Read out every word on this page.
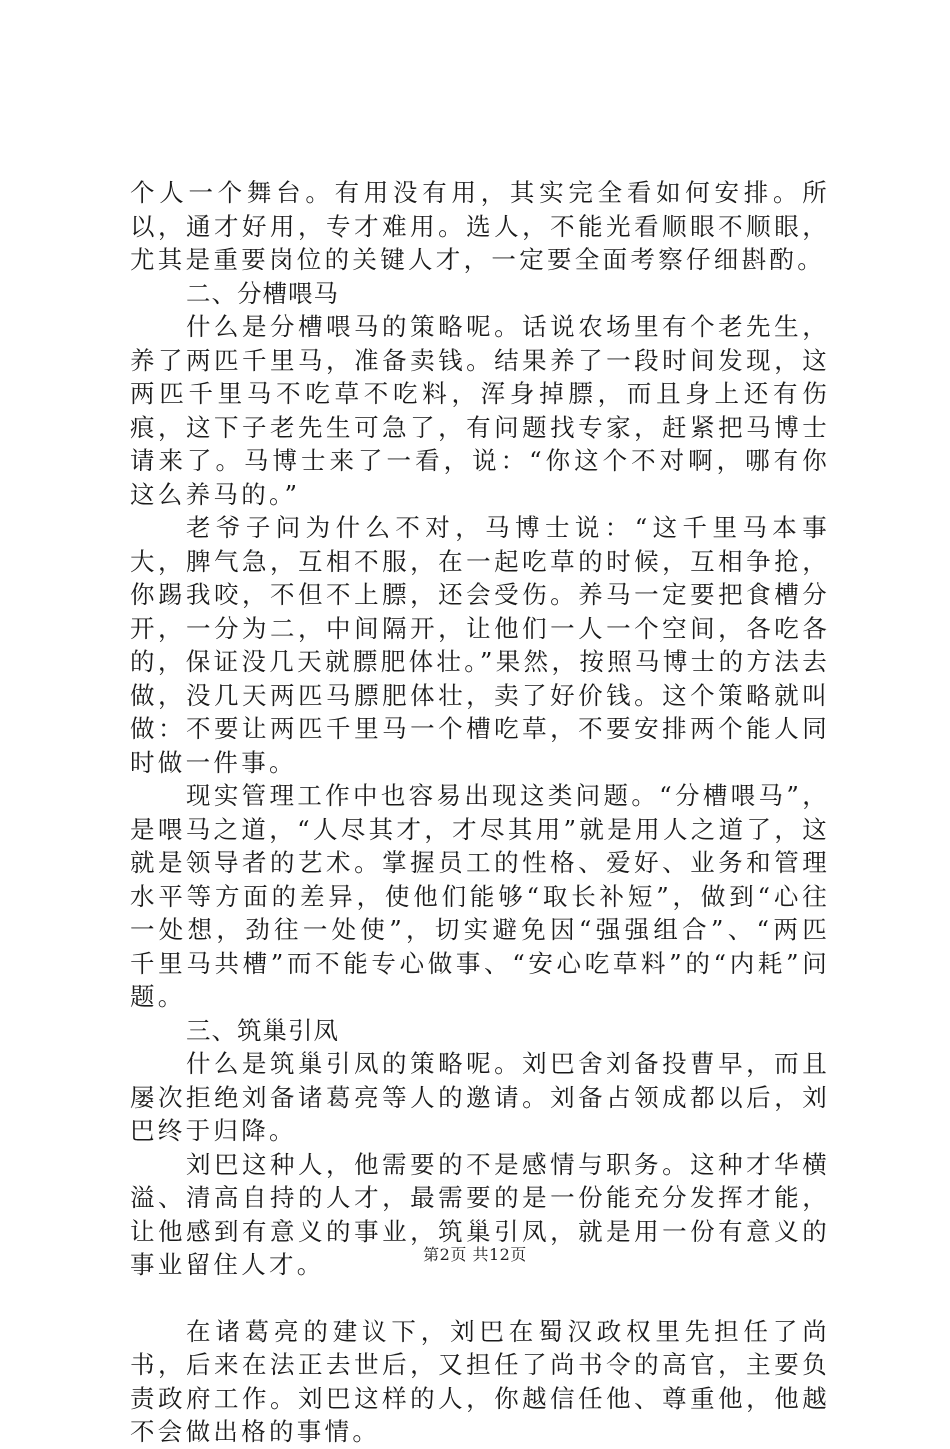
个人一个舞台。有用没有用，其实完全看如何安排。所以，通才好用，专才难用。选人，不能光看顺眼不顺眼，尤其是重要岗位的关键人才，一定要全面考察仔细斟酌。

二、分槽喂马

什么是分槽喂马的策略呢。话说农场里有个老先生，养了两匹千里马，准备卖钱。结果养了一段时间发现，这两匹千里马不吃草不吃料，浑身掉膘，而且身上还有伤痕，这下子老先生可急了，有问题找专家，赶紧把马博士请来了。马博士来了一看，说：“你这个不对啊，哪有你这么养马的。”

老爷子问为什么不对，马博士说：“这千里马本事大，脾气急，互相不服，在一起吃草的时候，互相争抢，你踢我咬，不但不上膘，还会受伤。养马一定要把食槽分开，一分为二，中间隔开，让他们一人一个空间，各吃各的，保证没几天就膘肥体壮。”果然，按照马博士的方法去做，没几天两匹马膘肥体壮，卖了好价钱。这个策略就叫做：不要让两匹千里马一个槽吃草，不要安排两个能人同时做一件事。

现实管理工作中也容易出现这类问题。“分槽喂马”，是喂马之道，“人尽其才，才尽其用”就是用人之道了，这就是领导者的艺术。掌握员工的性格、爱好、业务和管理水平等方面的差异，使他们能够“取长补短”，做到“心往一处想，劲往一处使”，切实避免因“强强组合”、“两匹千里马共槽”而不能专心做事、“安心吃草料”的“内耗”问题。

三、筑巢引凤

什么是筑巢引凤的策略呢。刘巴舍刘备投曹早，而且屡次拒绝刘备诸葛亮等人的邀请。刘备占领成都以后，刘巴终于归降。

刘巴这种人，他需要的不是感情与职务。这种才华横溢、清高自持的人才，最需要的是一份能充分发挥才能，让他感到有意义的事业，筑巢引凤，就是用一份有意义的事业留住人才。

在诸葛亮的建议下，刘巴在蜀汉政权里先担任了尚书，后来在法正去世后，又担任了尚书令的高官，主要负责政府工作。刘巴这样的人，你越信任他、尊重他，他越不会做出格的事情。

第2页 共12页
